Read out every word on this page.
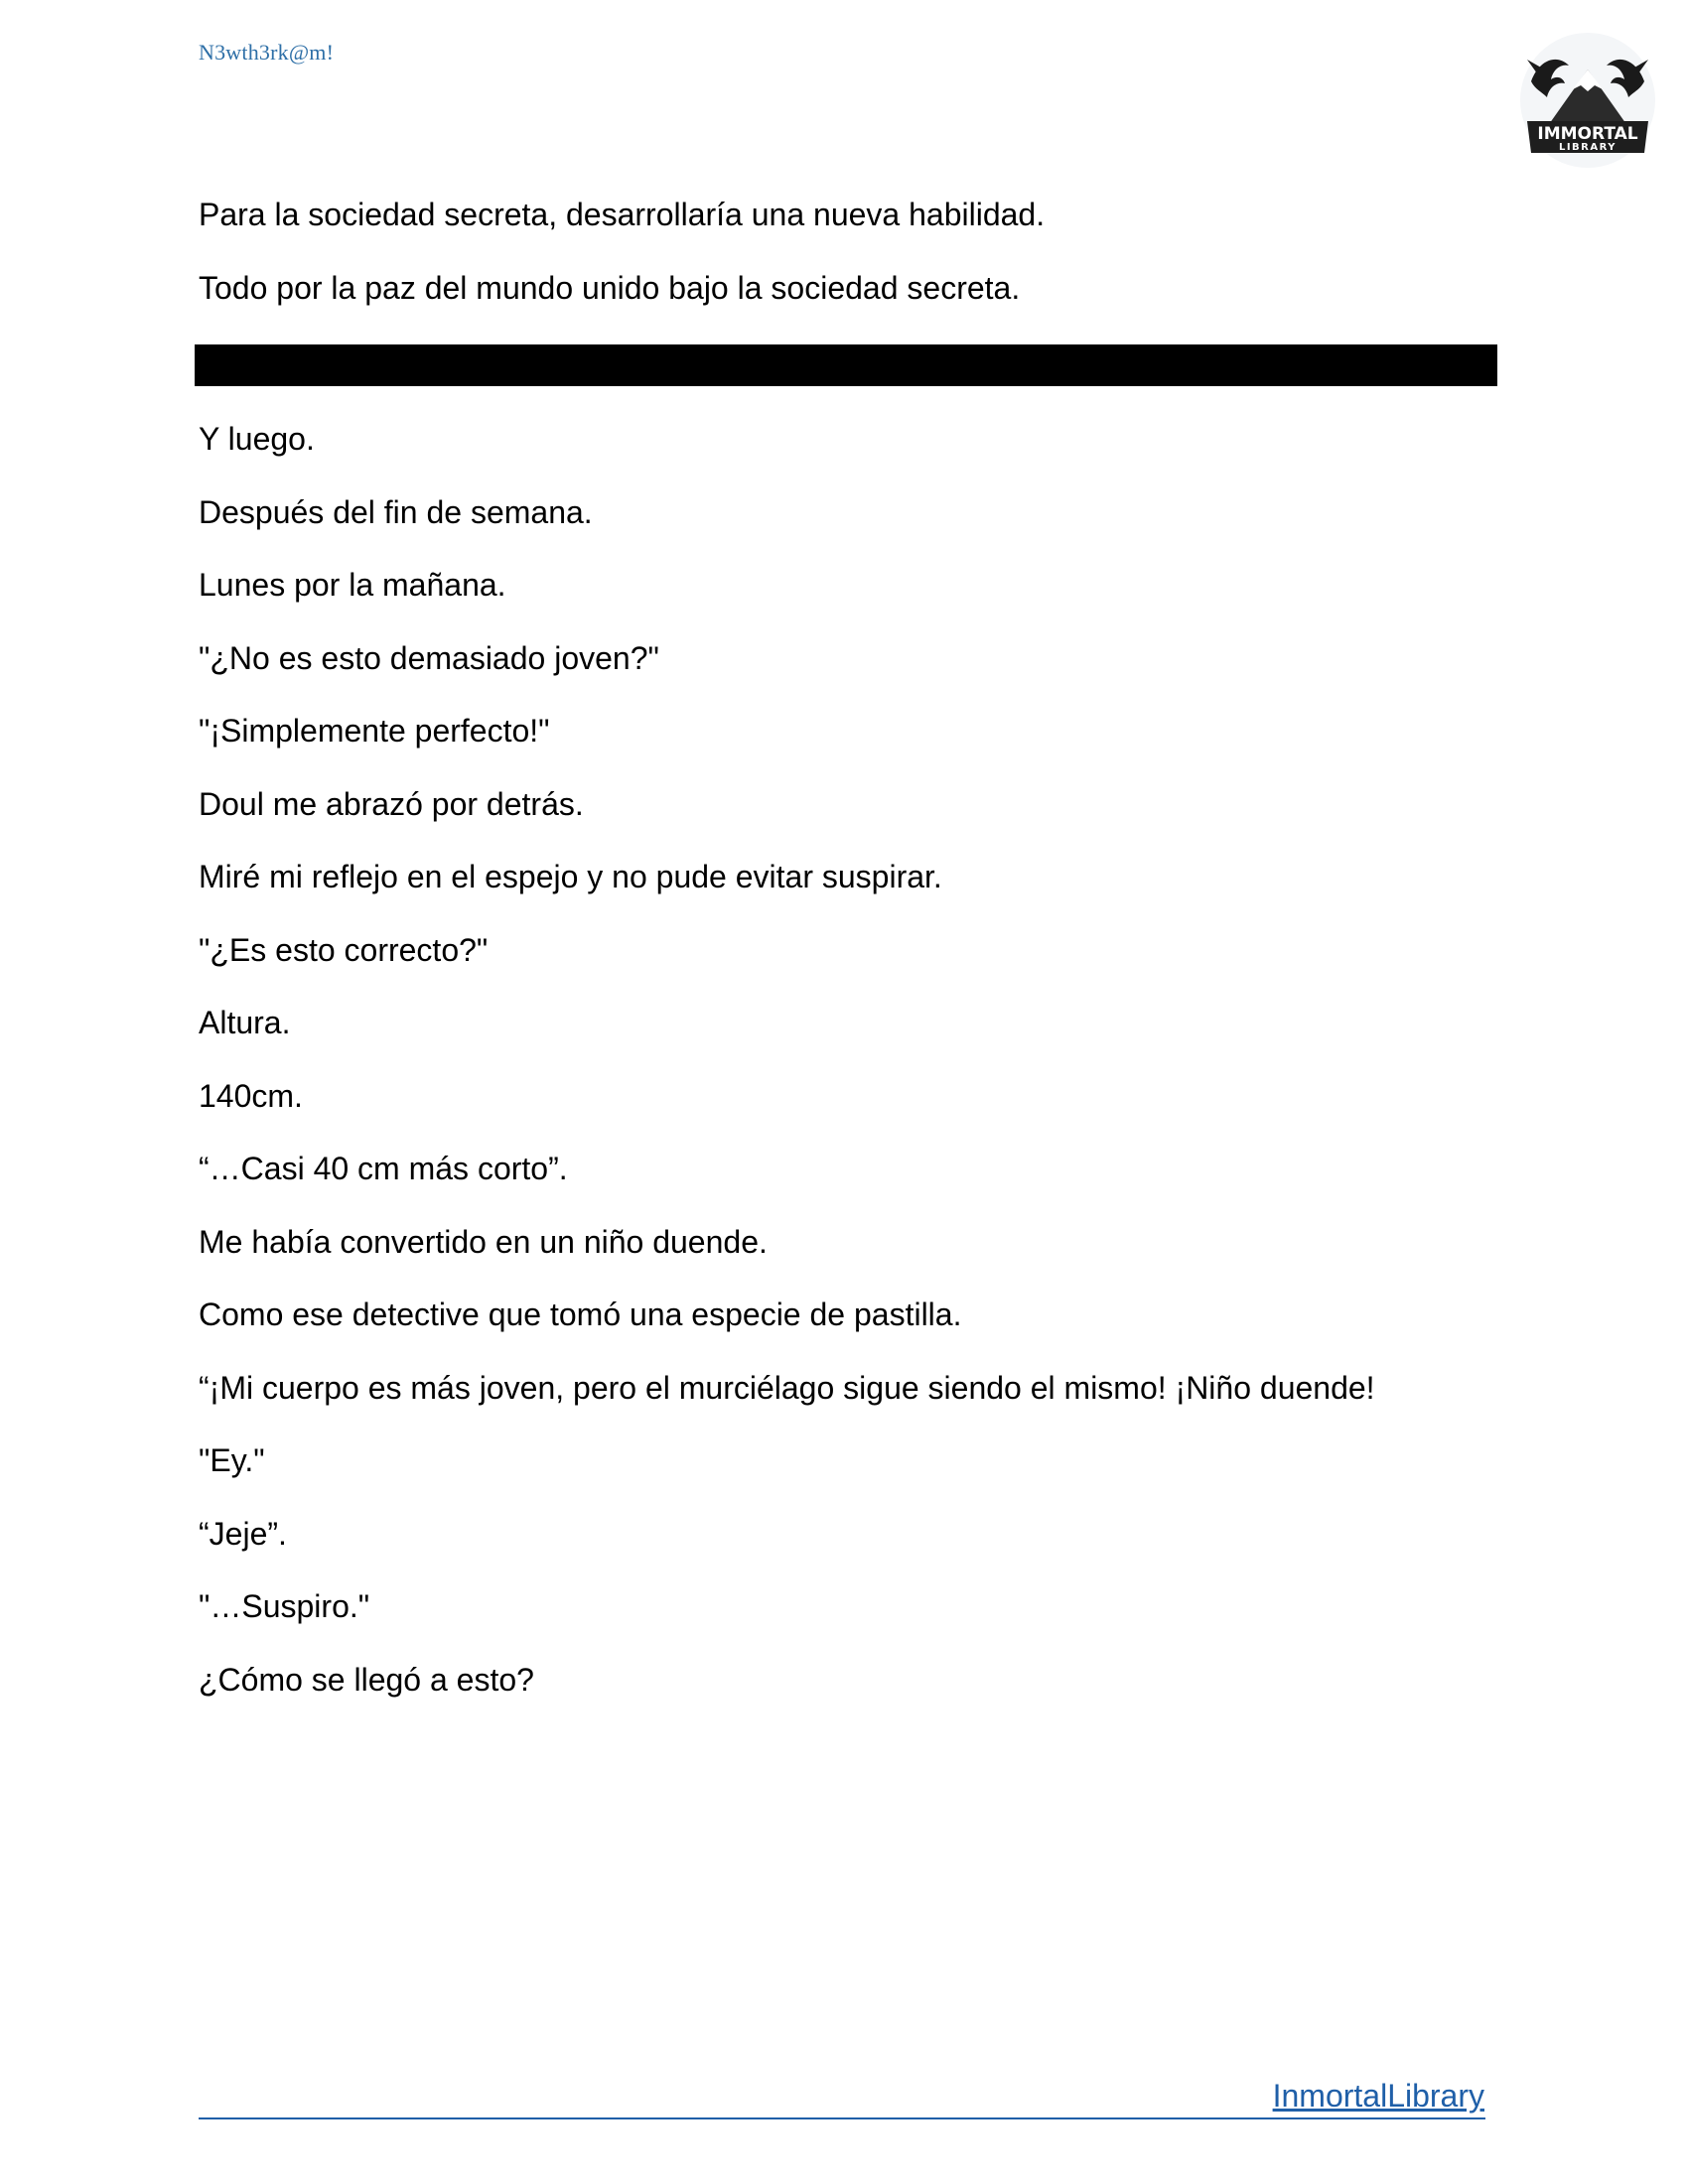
N3wth3rk@m!
IMMORTAL
LIBRARY

Para la sociedad secreta, desarrollaría una nueva habilidad.

Todo por la paz del mundo unido bajo la sociedad secreta.

Y luego.

Después del fin de semana.

Lunes por la mañana.

"¿No es esto demasiado joven?"

"¡Simplemente perfecto!"

Doul me abrazó por detrás.

Miré mi reflejo en el espejo y no pude evitar suspirar.

"¿Es esto correcto?"

Altura.

140cm.

“…Casi 40 cm más corto”.

Me había convertido en un niño duende.

Como ese detective que tomó una especie de pastilla.

“¡Mi cuerpo es más joven, pero el murciélago sigue siendo el mismo! ¡Niño duende!

"Ey."

“Jeje”.

"…Suspiro."

¿Cómo se llegó a esto?

InmortalLibrary
